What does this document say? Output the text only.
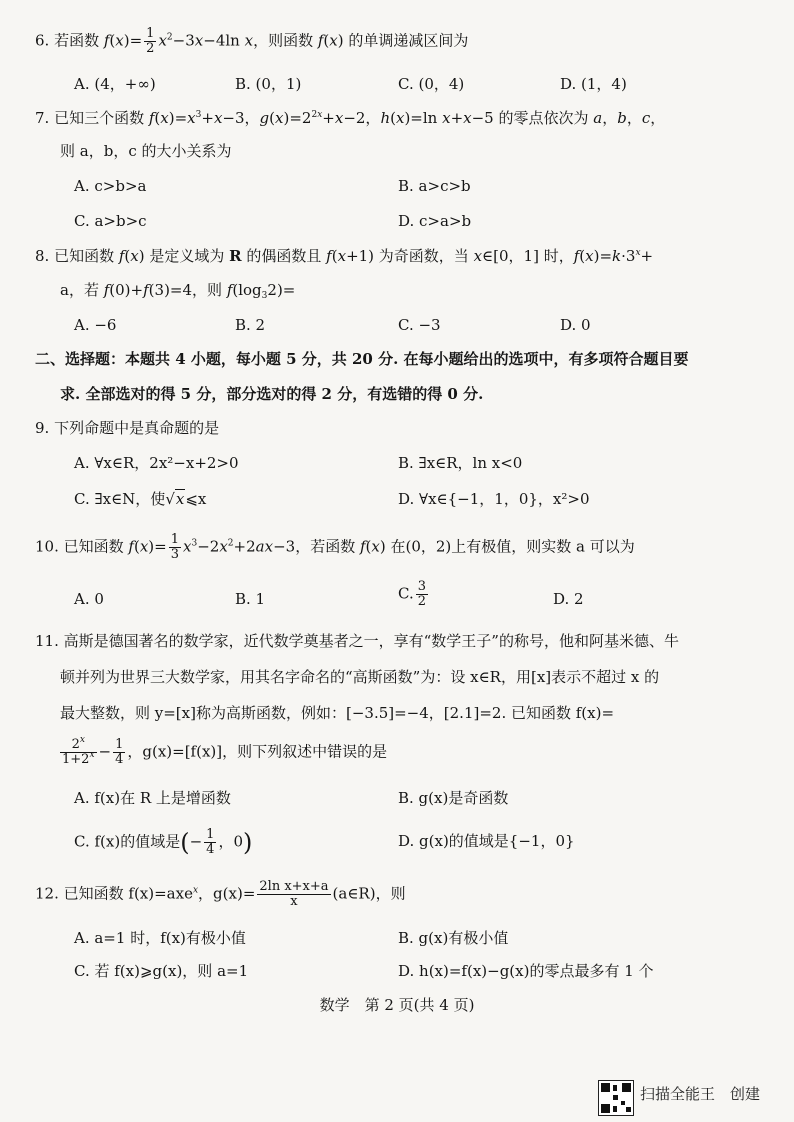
6. 若函数 $f(x)= \frac{1}{2} x^2-3x-4\ln$ x，则函数 f(x) 的单调递减区间为
A. (4，+∞)	B. (0，1)	C. (0，4)	D. (1，4)
7. 已知三个函数 $f(x)=x^3+x-3$，$g(x)=2^{2x}+x-2$，h(x)=ln x+x−5 的零点依次为 a，b，c，
则 a，b，c 的大小关系为
A. c>b>a	B. a>c>b
C. a>b>c	D. c>a>b
8. 已知函数 f(x) 是定义域为 R 的偶函数且 f(x+1) 为奇函数，当 x∈[0，1] 时，$f(x)=k\cdot 3^x+$
a，若 f(0)+f(3)=4，则 $f(\log_32)=$
A. −6	B. 2	C. −3	D. 0
二、选择题：本题共 4 小题，每小题 5 分，共 20 分. 在每小题给出的选项中，有多项符合题目要
求. 全部选对的得 5 分，部分选对的得 2 分，有选错的得 0 分.
9. 下列命题中是真命题的是
A. ∀x∈R，2x²−x+2>0	B. ∃x∈R，ln x<0
C. ∃x∈N，使√x⩽x	D. ∀x∈{−1，1，0}，x²>0
10. 已知函数 $f(x)= \frac{1}{3} x^3-2x^2+2ax-3$，若函数 f(x) 在(0，2)上有极值，则实数 a 可以为
A. 0	B. 1	C. $\frac{3}{2}$	D. 2
11. 高斯是德国著名的数学家，近代数学奠基者之一，享有“数学王子”的称号，他和阿基米德、牛
顿并列为世界三大数学家，用其名字命名的“高斯函数”为：设 x∈R，用[x]表示不超过 x 的
最大整数，则 y=[x]称为高斯函数，例如：[−3.5]=−4，[2.1]=2. 已知函数 f(x)=
$\frac{2^x}{1+2^x} - \frac{1}{4}$ ，g(x)=[f(x)]，则下列叙述中错误的是
A. f(x)在 R 上是增函数	B. g(x)是奇函数
C. f(x)的值域是(− $\frac{1}{4}$ ，0)	D. g(x)的值域是{−1，0}
12. 已知函数 f(x)=axe$^x$，$g(x)= \frac{\text{2ln x+x+a}}{x}$ (a∈R)，则
A. a=1 时，f(x)有极小值	B. g(x)有极小值
C. 若 f(x)⩾g(x)，则 a=1	D. h(x)=f(x)−g(x)的零点最多有 1 个
数学　第 2 页(共 4 页)
扫描全能王　创建
